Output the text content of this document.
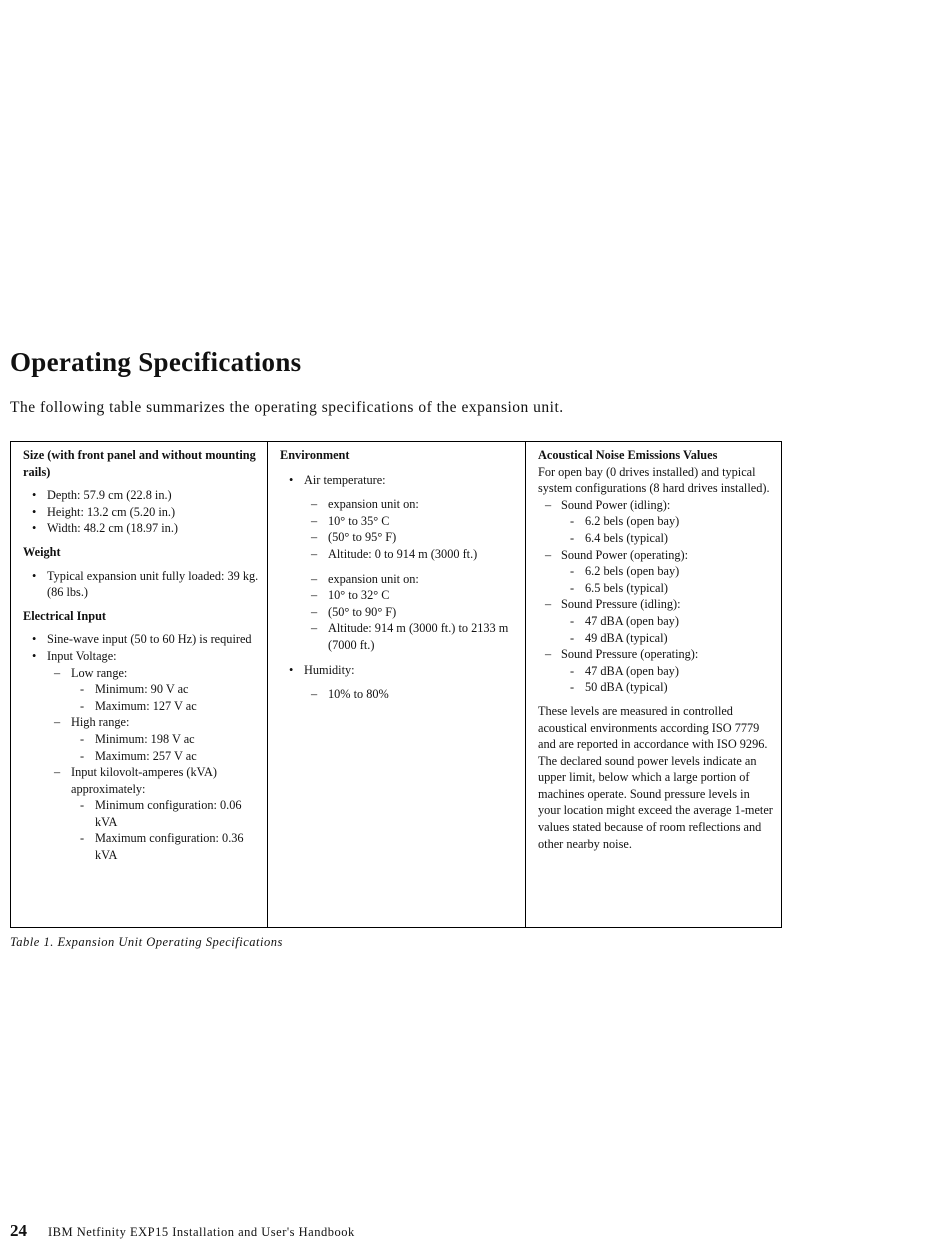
Operating Specifications

The following table summarizes the operating specifications of the expansion unit.

Size (with front panel and without mounting rails)
• Depth: 57.9 cm (22.8 in.)
• Height: 13.2 cm (5.20 in.)
• Width: 48.2 cm (18.97 in.)
Weight
• Typical expansion unit fully loaded: 39 kg. (86 lbs.)
Electrical Input
• Sine-wave input (50 to 60 Hz) is required
• Input Voltage:
– Low range:
- Minimum: 90 V ac
- Maximum: 127 V ac
– High range:
- Minimum: 198 V ac
- Maximum: 257 V ac
– Input kilovolt-amperes (kVA) approximately:
- Minimum configuration: 0.06 kVA
- Maximum configuration: 0.36 kVA
Environment
• Air temperature:
– expansion unit on:
– 10° to 35° C
– (50° to 95° F)
– Altitude: 0 to 914 m (3000 ft.)
– expansion unit on:
– 10° to 32° C
– (50° to 90° F)
– Altitude: 914 m (3000 ft.) to 2133 m (7000 ft.)
• Humidity:
– 10% to 80%
Acoustical Noise Emissions Values

For open bay (0 drives installed) and typical system configurations (8 hard drives installed).

– Sound Power (idling):
- 6.2 bels (open bay)
- 6.4 bels (typical)
– Sound Power (operating):
- 6.2 bels (open bay)
- 6.5 bels (typical)
– Sound Pressure (idling):
- 47 dBA (open bay)
- 49 dBA (typical)
– Sound Pressure (operating):
- 47 dBA (open bay)
- 50 dBA (typical)

These levels are measured in controlled acoustical environments according ISO 7779 and are reported in accordance with ISO 9296. The declared sound power levels indicate an upper limit, below which a large portion of machines operate. Sound pressure levels in your location might exceed the average 1-meter values stated because of room reflections and other nearby noise.

Table 1. Expansion Unit Operating Specifications

24	IBM Netfinity EXP15 Installation and User's Handbook
